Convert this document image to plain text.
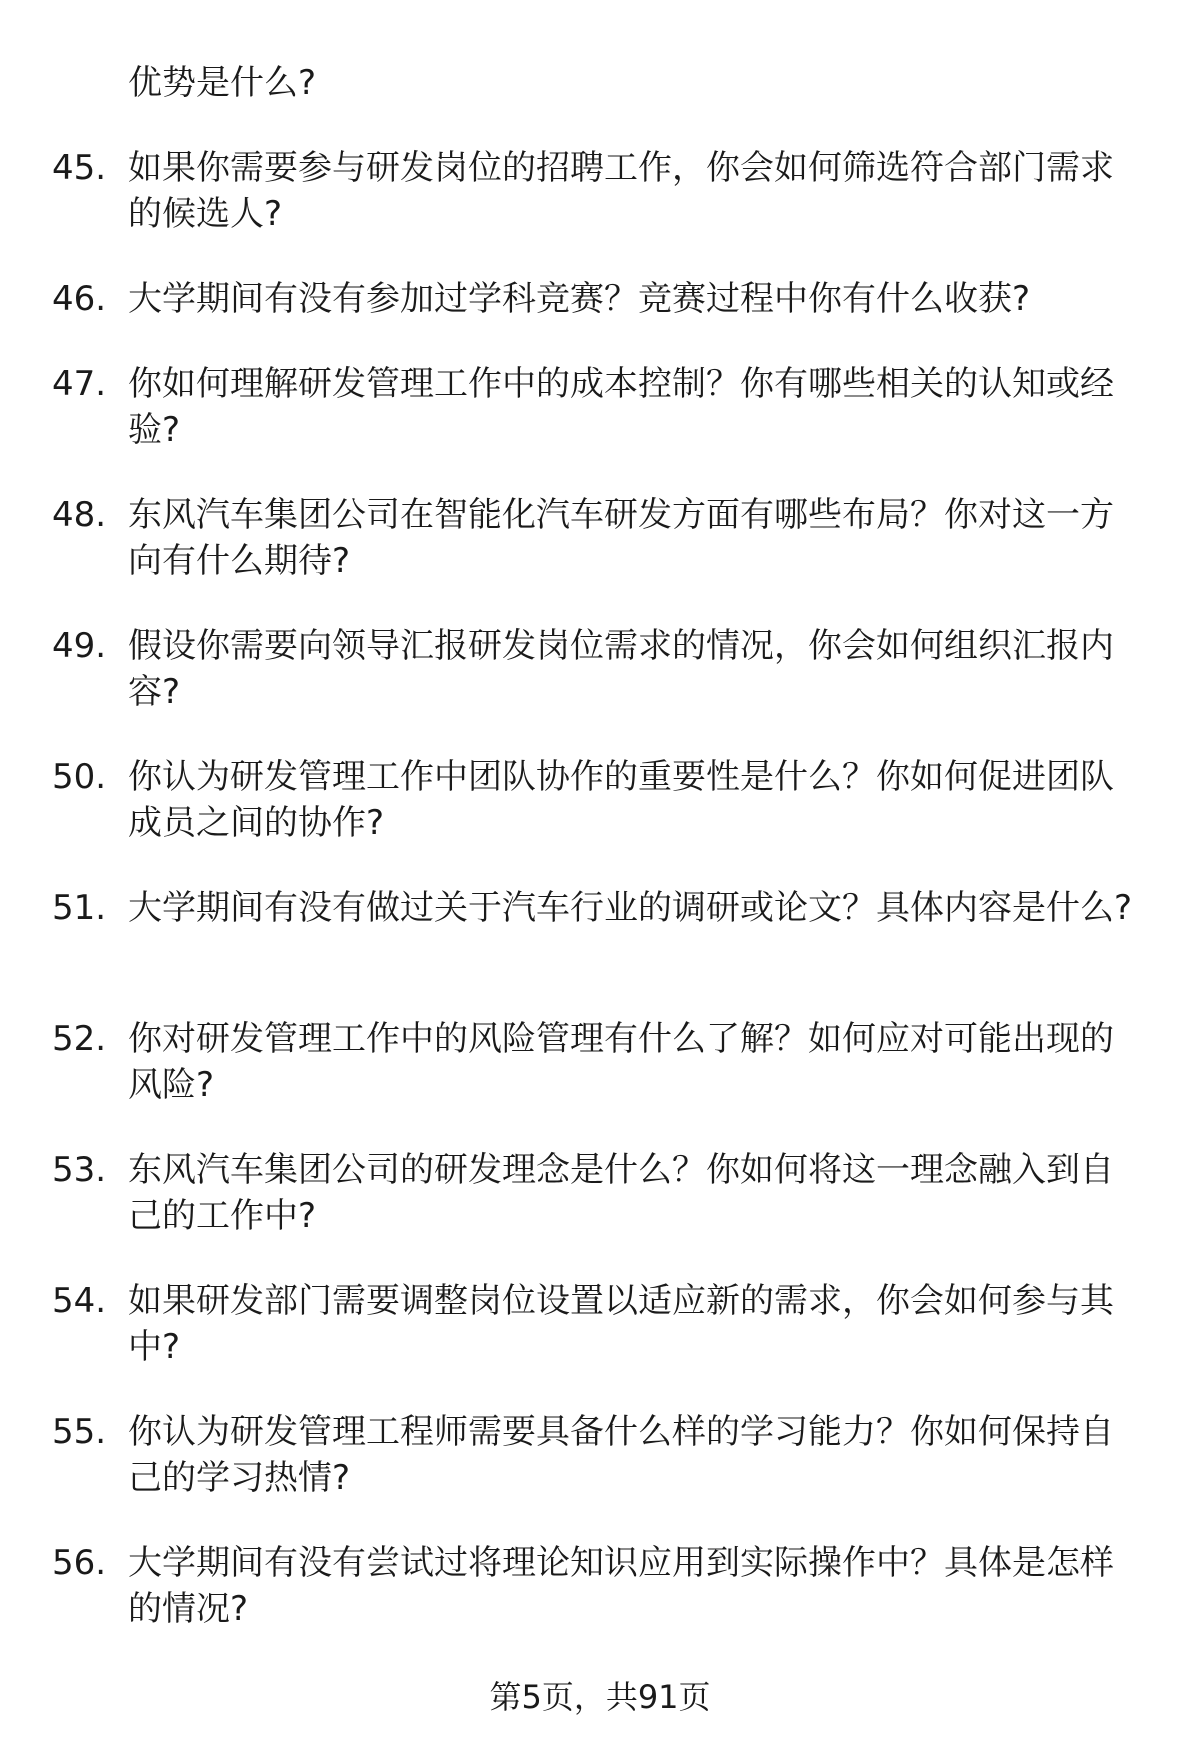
优势是什么?
45. 如果你需要参与研发岗位的招聘工作，你会如何筛选符合部门需求的候选人?
46. 大学期间有没有参加过学科竞赛？竞赛过程中你有什么收获?
47. 你如何理解研发管理工作中的成本控制？你有哪些相关的认知或经验?
48. 东风汽车集团公司在智能化汽车研发方面有哪些布局？你对这一方向有什么期待?
49. 假设你需要向领导汇报研发岗位需求的情况，你会如何组织汇报内容?
50. 你认为研发管理工作中团队协作的重要性是什么？你如何促进团队成员之间的协作?
51. 大学期间有没有做过关于汽车行业的调研或论文？具体内容是什么?
52. 你对研发管理工作中的风险管理有什么了解？如何应对可能出现的风险?
53. 东风汽车集团公司的研发理念是什么？你如何将这一理念融入到自己的工作中?
54. 如果研发部门需要调整岗位设置以适应新的需求，你会如何参与其中?
55. 你认为研发管理工程师需要具备什么样的学习能力？你如何保持自己的学习热情?
56. 大学期间有没有尝试过将理论知识应用到实际操作中？具体是怎样的情况?
第5页，共91页
